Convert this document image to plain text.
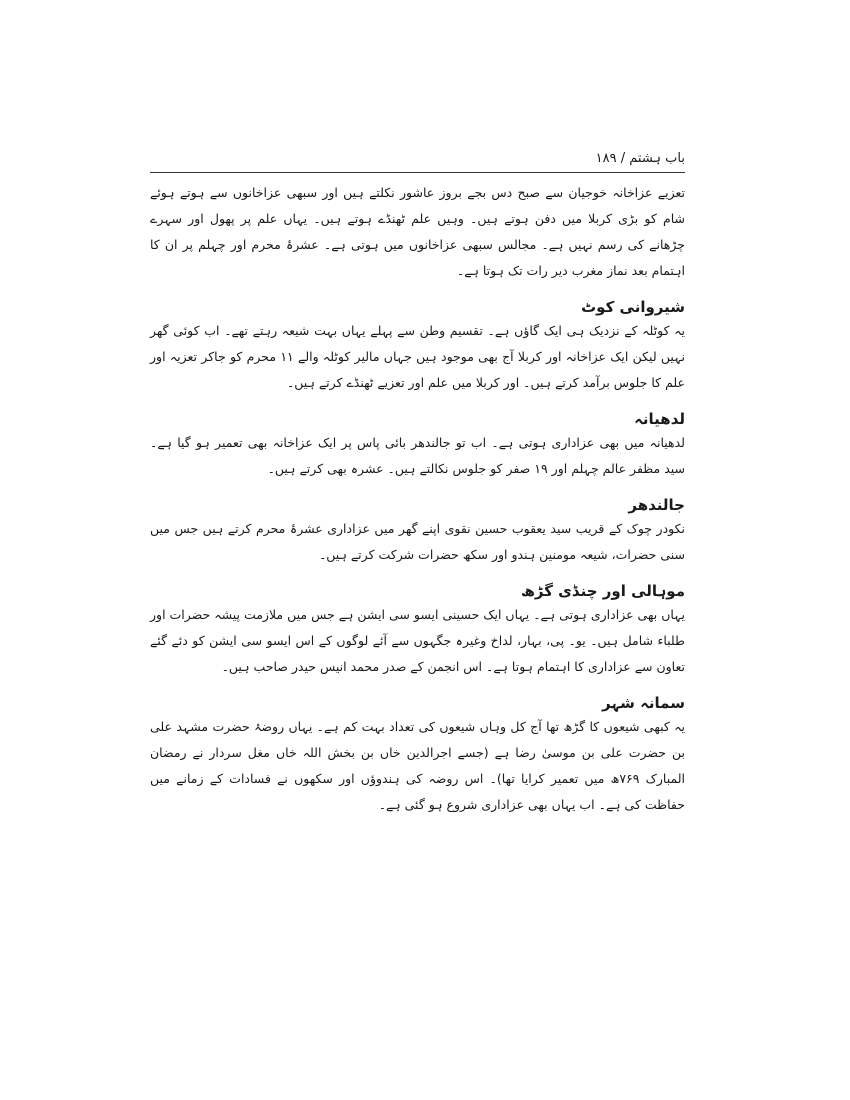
باب ہشتم / ۱۸۹

تعزیے عزاخانہ خوجیان سے صبح دس بجے بروز عاشور نکلتے ہیں اور سبھی عزاخانوں سے ہوتے ہوئے شام کو بڑی کربلا میں دفن ہوتے ہیں۔ وہیں علم ٹھنڈے ہوتے ہیں۔ یہاں علم پر پھول اور سہرے چڑھانے کی رسم نہیں ہے۔ مجالس سبھی عزاخانوں میں ہوتی ہے۔ عشرۂ محرم اور چہلم پر ان کا اہتمام بعد نماز مغرب دیر رات تک ہوتا ہے۔

شیروانی کوٹ

یہ کوٹلہ کے نزدیک ہی ایک گاؤں ہے۔ تقسیم وطن سے پہلے یہاں بہت شیعہ رہتے تھے۔ اب کوئی گھر نہیں لیکن ایک عزاخانہ اور کربلا آج بھی موجود ہیں جہاں مالیر کوٹلہ والے ۱۱ محرم کو جاکر تعزیہ اور علم کا جلوس برآمد کرتے ہیں۔ اور کربلا میں علم اور تعزیے ٹھنڈے کرتے ہیں۔

لدھیانہ

لدھیانہ میں بھی عزاداری ہوتی ہے۔ اب تو جالندھر بائی پاس پر ایک عزاخانہ بھی تعمیر ہو گیا ہے۔ سید مظفر عالم چہلم اور ۱۹ صفر کو جلوس نکالتے ہیں۔ عشرہ بھی کرتے ہیں۔

جالندھر

نکودر چوک کے قریب سید یعقوب حسین نقوی اپنے گھر میں عزاداری عشرۂ محرم کرتے ہیں جس میں سنی حضرات، شیعہ مومنین ہندو اور سکھ حضرات شرکت کرتے ہیں۔

موہالی اور چنڈی گڑھ

یہاں بھی عزاداری ہوتی ہے۔ یہاں ایک حسینی ایسو سی ایشن ہے جس میں ملازمت پیشہ حضرات اور طلباء شامل ہیں۔ یو۔ پی، بہار، لداخ وغیرہ جگہوں سے آئے لوگوں کے اس ایسو سی ایشن کو دئے گئے تعاون سے عزاداری کا اہتمام ہوتا ہے۔ اس انجمن کے صدر محمد انیس حیدر صاحب ہیں۔

سمانہ شہر

یہ کبھی شیعوں کا گڑھ تھا آج کل وہاں شیعوں کی تعداد بہت کم ہے۔ یہاں روضۂ حضرت مشہد علی بن حضرت علی بن موسیٰ رضا ہے (جسے اجرالدین خاں بن بخش اللہ خاں مغل سردار نے رمضان المبارک ۷۶۹ھ میں تعمیر کرایا تھا)۔ اس روضہ کی ہندوؤں اور سکھوں نے فسادات کے زمانے میں حفاظت کی ہے۔ اب یہاں بھی عزاداری شروع ہو گئی ہے۔
